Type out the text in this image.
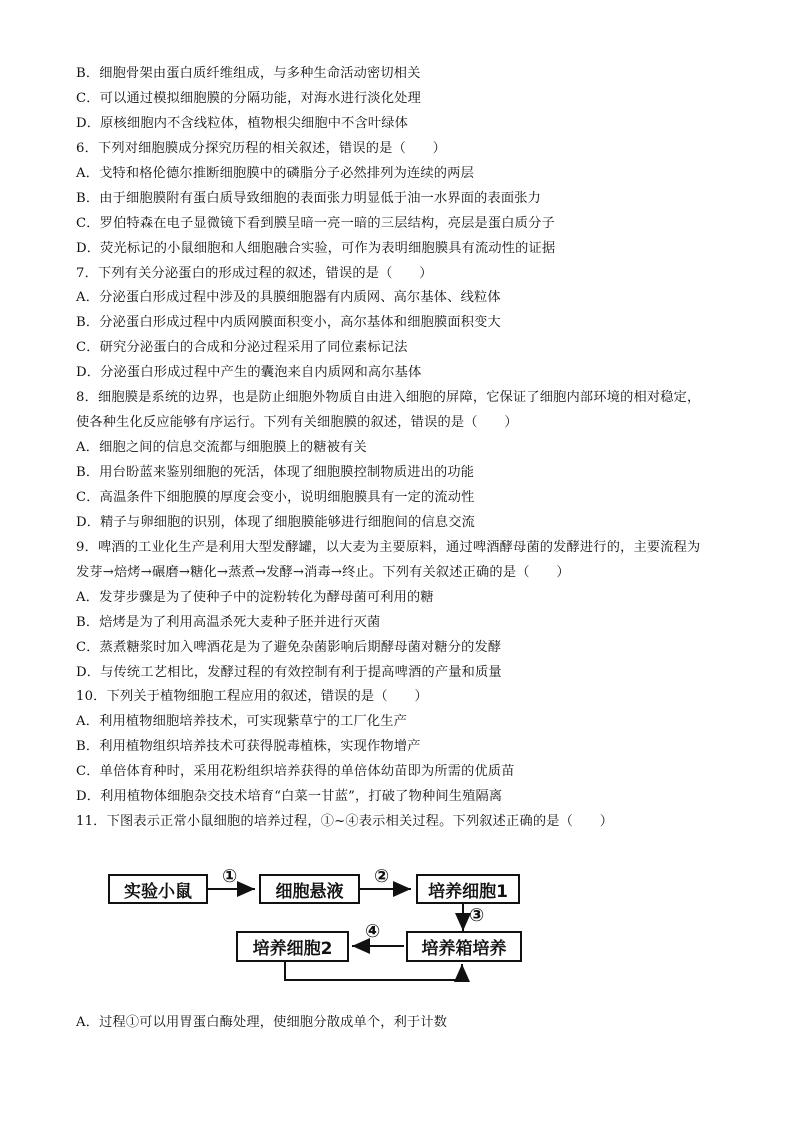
B．细胞骨架由蛋白质纤维组成，与多种生命活动密切相关
C．可以通过模拟细胞膜的分隔功能，对海水进行淡化处理
D．原核细胞内不含线粒体，植物根尖细胞中不含叶绿体
6．下列对细胞膜成分探究历程的相关叙述，错误的是（　　）
A．戈特和格伦德尔推断细胞膜中的磷脂分子必然排列为连续的两层
B．由于细胞膜附有蛋白质导致细胞的表面张力明显低于油一水界面的表面张力
C．罗伯特森在电子显微镜下看到膜呈暗一亮一暗的三层结构，亮层是蛋白质分子
D．荧光标记的小鼠细胞和人细胞融合实验，可作为表明细胞膜具有流动性的证据
7．下列有关分泌蛋白的形成过程的叙述，错误的是（　　）
A．分泌蛋白形成过程中涉及的具膜细胞器有内质网、高尔基体、线粒体
B．分泌蛋白形成过程中内质网膜面积变小，高尔基体和细胞膜面积变大
C．研究分泌蛋白的合成和分泌过程采用了同位素标记法
D．分泌蛋白形成过程中产生的囊泡来自内质网和高尔基体
8．细胞膜是系统的边界，也是防止细胞外物质自由进入细胞的屏障，它保证了细胞内部环境的相对稳定，
使各种生化反应能够有序运行。下列有关细胞膜的叙述，错误的是（　　）
A．细胞之间的信息交流都与细胞膜上的糖被有关
B．用台盼蓝来鉴别细胞的死活，体现了细胞膜控制物质进出的功能
C．高温条件下细胞膜的厚度会变小，说明细胞膜具有一定的流动性
D．精子与卵细胞的识别，体现了细胞膜能够进行细胞间的信息交流
9．啤酒的工业化生产是利用大型发酵罐，以大麦为主要原料，通过啤酒酵母菌的发酵进行的，主要流程为
发芽→焙烤→碾磨→糖化→蒸煮→发酵→消毒→终止。下列有关叙述正确的是（　　）
A．发芽步骤是为了使种子中的淀粉转化为酵母菌可利用的糖
B．焙烤是为了利用高温杀死大麦种子胚并进行灭菌
C．蒸煮糖浆时加入啤酒花是为了避免杂菌影响后期酵母菌对糖分的发酵
D．与传统工艺相比，发酵过程的有效控制有利于提高啤酒的产量和质量
10．下列关于植物细胞工程应用的叙述，错误的是（　　）
A．利用植物细胞培养技术，可实现紫草宁的工厂化生产
B．利用植物组织培养技术可获得脱毒植株，实现作物增产
C．单倍体育种时，采用花粉组织培养获得的单倍体幼苗即为所需的优质苗
D．利用植物体细胞杂交技术培育“白菜一甘蓝”，打破了物种间生殖隔离
11．下图表示正常小鼠细胞的培养过程，①~④表示相关过程。下列叙述正确的是（　　）
实验小鼠	细胞悬液	培养细胞1
培养箱培养
培养细胞2
①	②
③
④
A．过程①可以用胃蛋白酶处理，使细胞分散成单个，利于计数
